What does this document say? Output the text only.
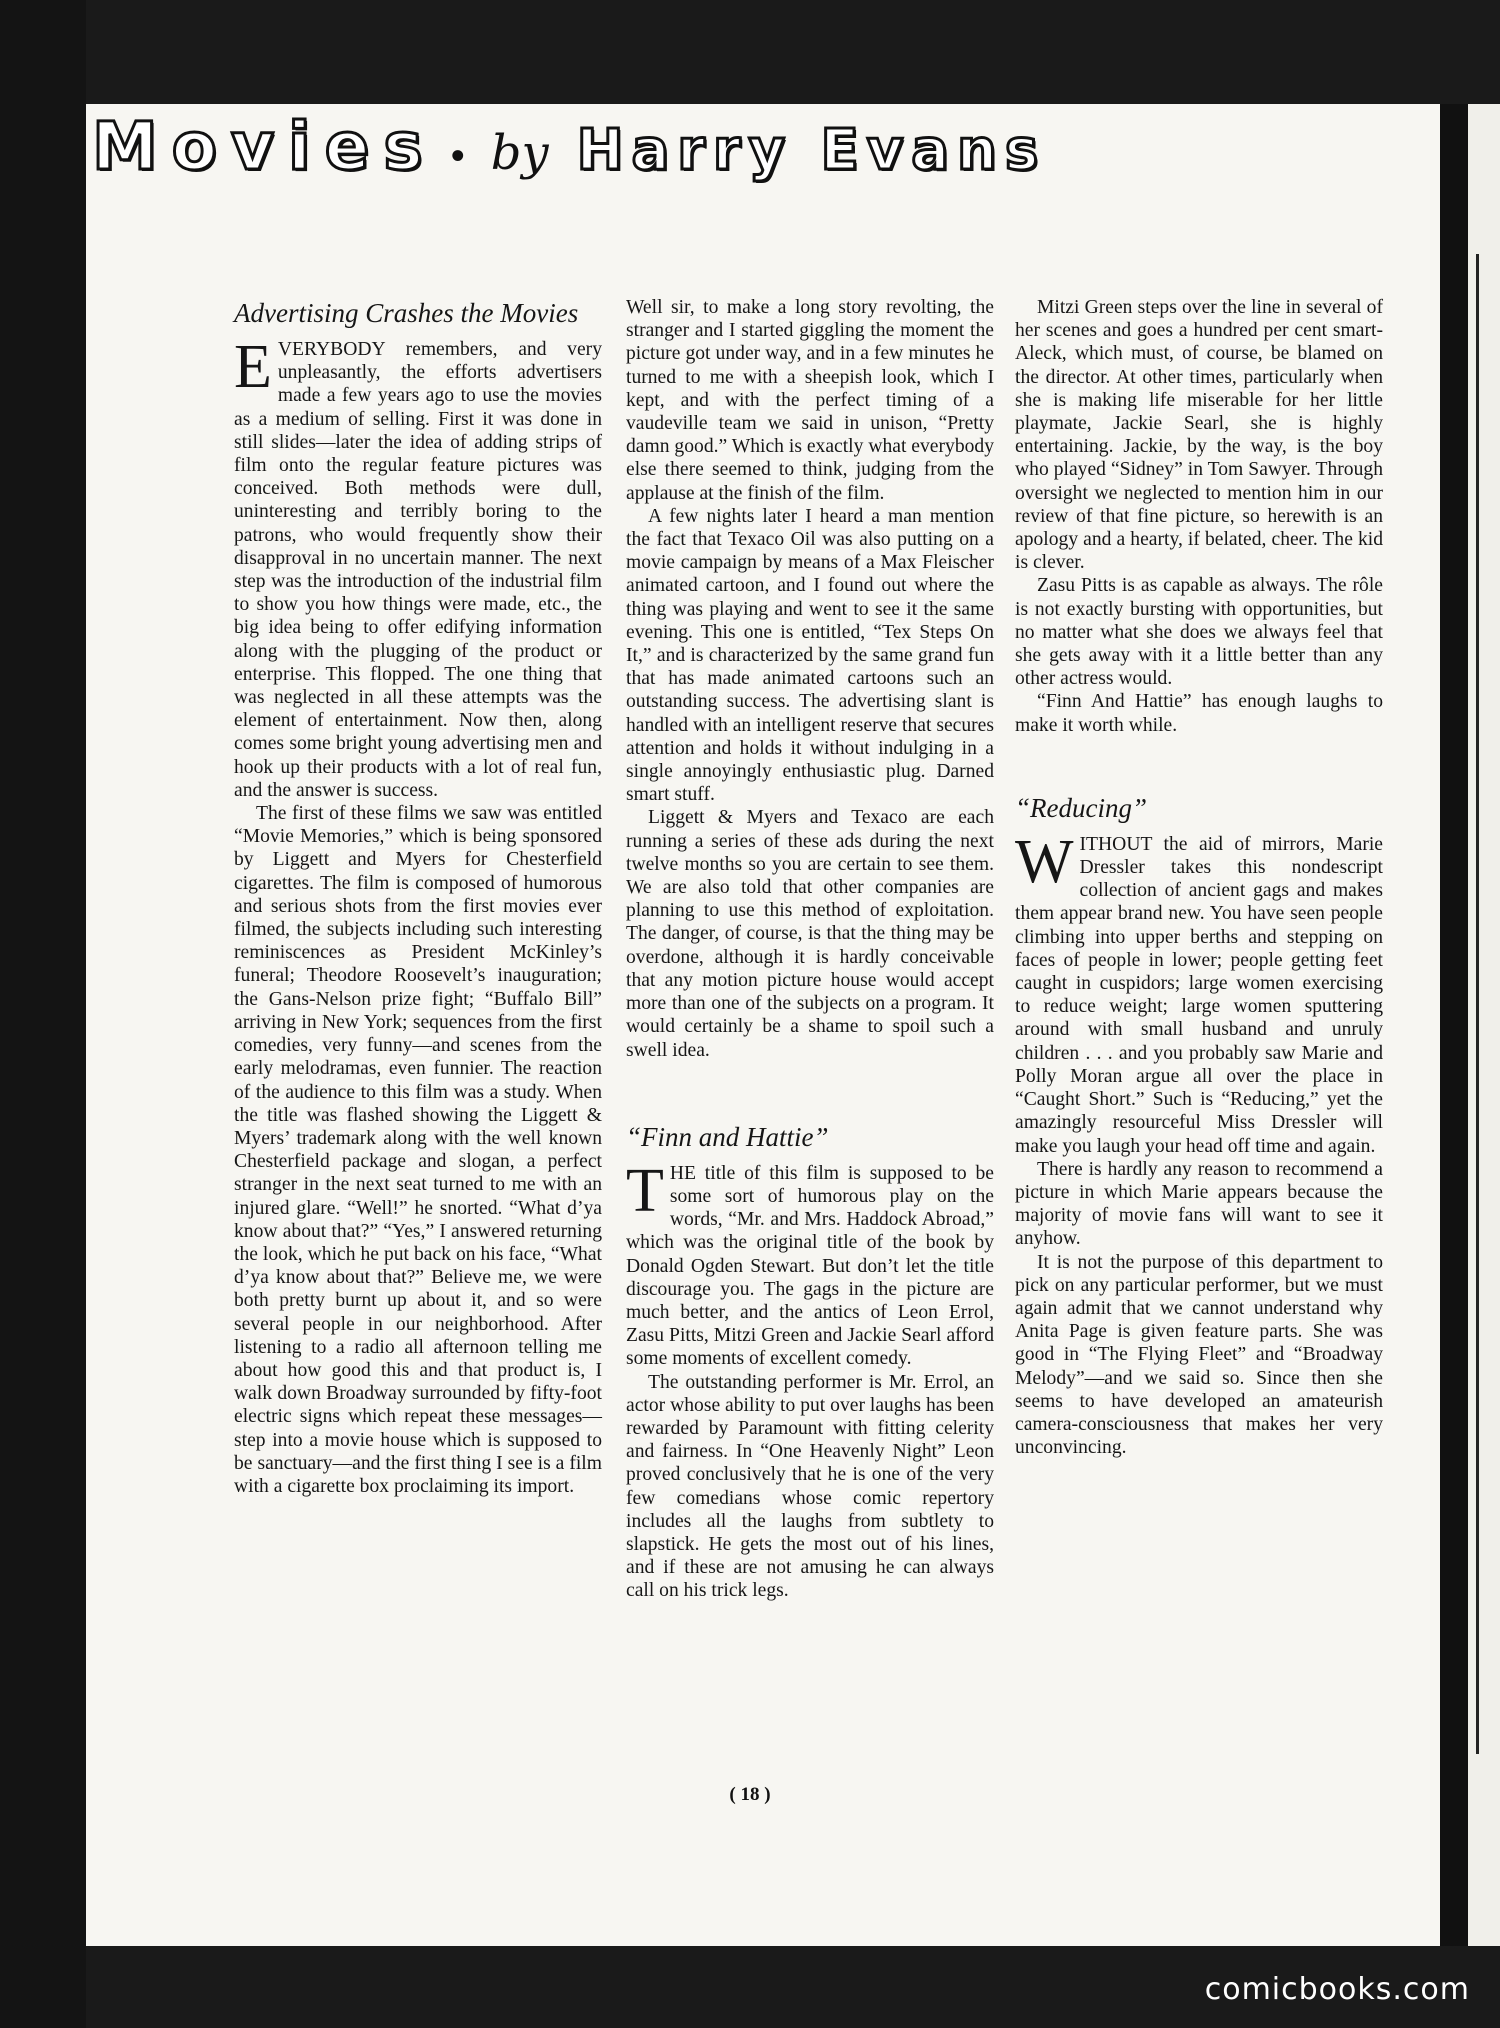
Movies • by Harry Evans
Advertising Crashes the Movies

EVERYBODY remembers, and very unpleasantly, the efforts advertisers made a few years ago to use the movies as a medium of selling. First it was done in still slides—later the idea of adding strips of film onto the regular feature pictures was conceived. Both methods were dull, uninteresting and terribly boring to the patrons, who would frequently show their disapproval in no uncertain manner. The next step was the introduction of the industrial film to show you how things were made, etc., the big idea being to offer edifying information along with the plugging of the product or enterprise. This flopped. The one thing that was neglected in all these attempts was the element of entertainment. Now then, along comes some bright young advertising men and hook up their products with a lot of real fun, and the answer is success.

The first of these films we saw was entitled “Movie Memories,” which is being sponsored by Liggett and Myers for Chesterfield cigarettes. The film is composed of humorous and serious shots from the first movies ever filmed, the subjects including such interesting reminiscences as President McKinley’s funeral; Theodore Roosevelt’s inauguration; the Gans-Nelson prize fight; “Buffalo Bill” arriving in New York; sequences from the first comedies, very funny—and scenes from the early melodramas, even funnier. The reaction of the audience to this film was a study. When the title was flashed showing the Liggett & Myers’ trademark along with the well known Chesterfield package and slogan, a perfect stranger in the next seat turned to me with an injured glare. “Well!” he snorted. “What d’ya know about that?” “Yes,” I answered returning the look, which he put back on his face, “What d’ya know about that?” Believe me, we were both pretty burnt up about it, and so were several people in our neighborhood. After listening to a radio all afternoon telling me about how good this and that product is, I walk down Broadway surrounded by fifty-foot electric signs which repeat these messages—step into a movie house which is supposed to be sanctuary—and the first thing I see is a film with a cigarette box proclaiming its import.

Well sir, to make a long story revolting, the stranger and I started giggling the moment the picture got under way, and in a few minutes he turned to me with a sheepish look, which I kept, and with the perfect timing of a vaudeville team we said in unison, “Pretty damn good.” Which is exactly what everybody else there seemed to think, judging from the applause at the finish of the film.

A few nights later I heard a man mention the fact that Texaco Oil was also putting on a movie campaign by means of a Max Fleischer animated cartoon, and I found out where the thing was playing and went to see it the same evening. This one is entitled, “Tex Steps On It,” and is characterized by the same grand fun that has made animated cartoons such an outstanding success. The advertising slant is handled with an intelligent reserve that secures attention and holds it without indulging in a single annoyingly enthusiastic plug. Darned smart stuff.

Liggett & Myers and Texaco are each running a series of these ads during the next twelve months so you are certain to see them. We are also told that other companies are planning to use this method of exploitation. The danger, of course, is that the thing may be overdone, although it is hardly conceivable that any motion picture house would accept more than one of the subjects on a program. It would certainly be a shame to spoil such a swell idea.

“Finn and Hattie”

THE title of this film is supposed to be some sort of humorous play on the words, “Mr. and Mrs. Haddock Abroad,” which was the original title of the book by Donald Ogden Stewart. But don’t let the title discourage you. The gags in the picture are much better, and the antics of Leon Errol, Zasu Pitts, Mitzi Green and Jackie Searl afford some moments of excellent comedy.

The outstanding performer is Mr. Errol, an actor whose ability to put over laughs has been rewarded by Paramount with fitting celerity and fairness. In “One Heavenly Night” Leon proved conclusively that he is one of the very few comedians whose comic repertory includes all the laughs from subtlety to slapstick. He gets the most out of his lines, and if these are not amusing he can always call on his trick legs.

Mitzi Green steps over the line in several of her scenes and goes a hundred per cent smart-Aleck, which must, of course, be blamed on the director. At other times, particularly when she is making life miserable for her little playmate, Jackie Searl, she is highly entertaining. Jackie, by the way, is the boy who played “Sidney” in Tom Sawyer. Through oversight we neglected to mention him in our review of that fine picture, so herewith is an apology and a hearty, if belated, cheer. The kid is clever.

Zasu Pitts is as capable as always. The rôle is not exactly bursting with opportunities, but no matter what she does we always feel that she gets away with it a little better than any other actress would.

“Finn And Hattie” has enough laughs to make it worth while.

“Reducing”

WITHOUT the aid of mirrors, Marie Dressler takes this nondescript collection of ancient gags and makes them appear brand new. You have seen people climbing into upper berths and stepping on faces of people in lower; people getting feet caught in cuspidors; large women exercising to reduce weight; large women sputtering around with small husband and unruly children . . . and you probably saw Marie and Polly Moran argue all over the place in “Caught Short.” Such is “Reducing,” yet the amazingly resourceful Miss Dressler will make you laugh your head off time and again.

There is hardly any reason to recommend a picture in which Marie appears because the majority of movie fans will want to see it anyhow.

It is not the purpose of this department to pick on any particular performer, but we must again admit that we cannot understand why Anita Page is given feature parts. She was good in “The Flying Fleet” and “Broadway Melody”—and we said so. Since then she seems to have developed an amateurish camera-consciousness that makes her very unconvincing.

( 18 )
comicbooks.com
